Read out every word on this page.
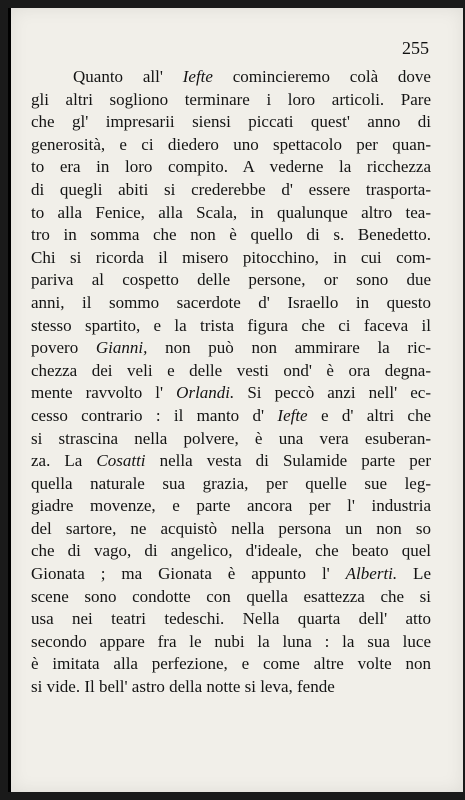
255
Quanto all' Iefte comincieremo colà dove
gli altri sogliono terminare i loro articoli. Pare
che gl' impresarii siensi piccati quest' anno di
generosità, e ci diedero uno spettacolo per quan-
to era in loro compito. A vederne la ricchezza
di quegli abiti si crederebbe d' essere trasporta-
to alla Fenice, alla Scala, in qualunque altro tea-
tro in somma che non è quello di s. Benedetto.
Chi si ricorda il misero pitocchino, in cui com-
pariva al cospetto delle persone, or sono due
anni, il sommo sacerdote d' Israello in questo
stesso spartito, e la trista figura che ci faceva il
povero Gianni, non può non ammirare la ric-
chezza dei veli e delle vesti ond' è ora degna-
mente ravvolto l' Orlandi. Si peccò anzi nell' ec-
cesso contrario : il manto d' Iefte e d' altri che
si strascina nella polvere, è una vera esuberan-
za. La Cosatti nella vesta di Sulamide parte per
quella naturale sua grazia, per quelle sue leg-
giadre movenze, e parte ancora per l' industria
del sartore, ne acquistò nella persona un non so
che di vago, di angelico, d'ideale, che beato quel
Gionata ; ma Gionata è appunto l' Alberti. Le
scene sono condotte con quella esattezza che si
usa nei teatri tedeschi. Nella quarta dell' atto
secondo appare fra le nubi la luna : la sua luce
è imitata alla perfezione, e come altre volte non
si vide. Il bell' astro della notte si leva, fende
